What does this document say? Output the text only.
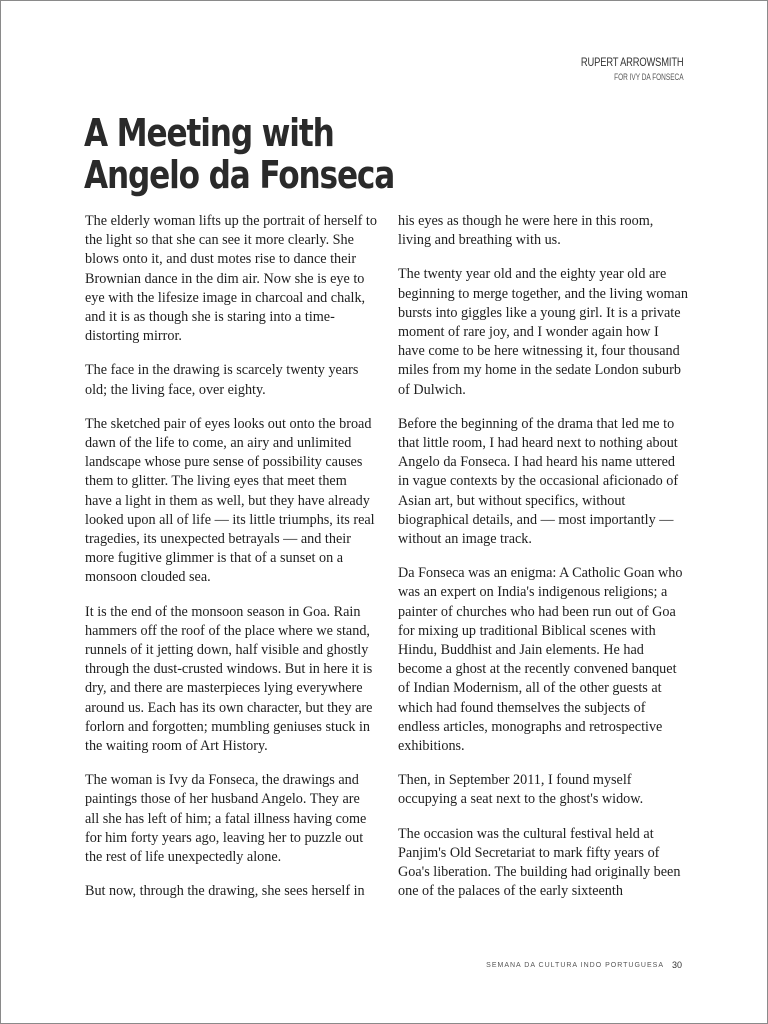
RUPERT ARROWSMITH
FOR IVY DA FONSECA
A Meeting with
Angelo da Fonseca

The elderly woman lifts up the portrait of herself to the light so that she can see it more clearly. She blows onto it, and dust motes rise to dance their Brownian dance in the dim air. Now she is eye to eye with the lifesize image in charcoal and chalk, and it is as though she is staring into a time-distorting mirror.

The face in the drawing is scarcely twenty years old; the living face, over eighty.

The sketched pair of eyes looks out onto the broad dawn of the life to come, an airy and unlimited landscape whose pure sense of possibility causes them to glitter. The living eyes that meet them have a light in them as well, but they have already looked upon all of life — its little triumphs, its real tragedies, its unexpected betrayals — and their more fugitive glimmer is that of a sunset on a monsoon clouded sea.

It is the end of the monsoon season in Goa. Rain hammers off the roof of the place where we stand, runnels of it jetting down, half visible and ghostly through the dust-crusted windows. But in here it is dry, and there are masterpieces lying everywhere around us. Each has its own character, but they are forlorn and forgotten; mumbling geniuses stuck in the waiting room of Art History.

The woman is Ivy da Fonseca, the drawings and paintings those of her husband Angelo. They are all she has left of him; a fatal illness having come for him forty years ago, leaving her to puzzle out the rest of life unexpectedly alone.

But now, through the drawing, she sees herself in

his eyes as though he were here in this room, living and breathing with us.

The twenty year old and the eighty year old are beginning to merge together, and the living woman bursts into giggles like a young girl. It is a private moment of rare joy, and I wonder again how I have come to be here witnessing it, four thousand miles from my home in the sedate London suburb of Dulwich.

Before the beginning of the drama that led me to that little room, I had heard next to nothing about Angelo da Fonseca. I had heard his name uttered in vague contexts by the occasional aficionado of Asian art, but without specifics, without biographical details, and — most importantly — without an image track.

Da Fonseca was an enigma: A Catholic Goan who was an expert on India's indigenous religions; a painter of churches who had been run out of Goa for mixing up traditional Biblical scenes with Hindu, Buddhist and Jain elements. He had become a ghost at the recently convened banquet of Indian Modernism, all of the other guests at which had found themselves the subjects of endless articles, monographs and retrospective exhibitions.

Then, in September 2011, I found myself occupying a seat next to the ghost's widow.

The occasion was the cultural festival held at Panjim's Old Secretariat to mark fifty years of Goa's liberation. The building had originally been one of the palaces of the early sixteenth

SEMANA DA CULTURA INDO PORTUGUESA 30
